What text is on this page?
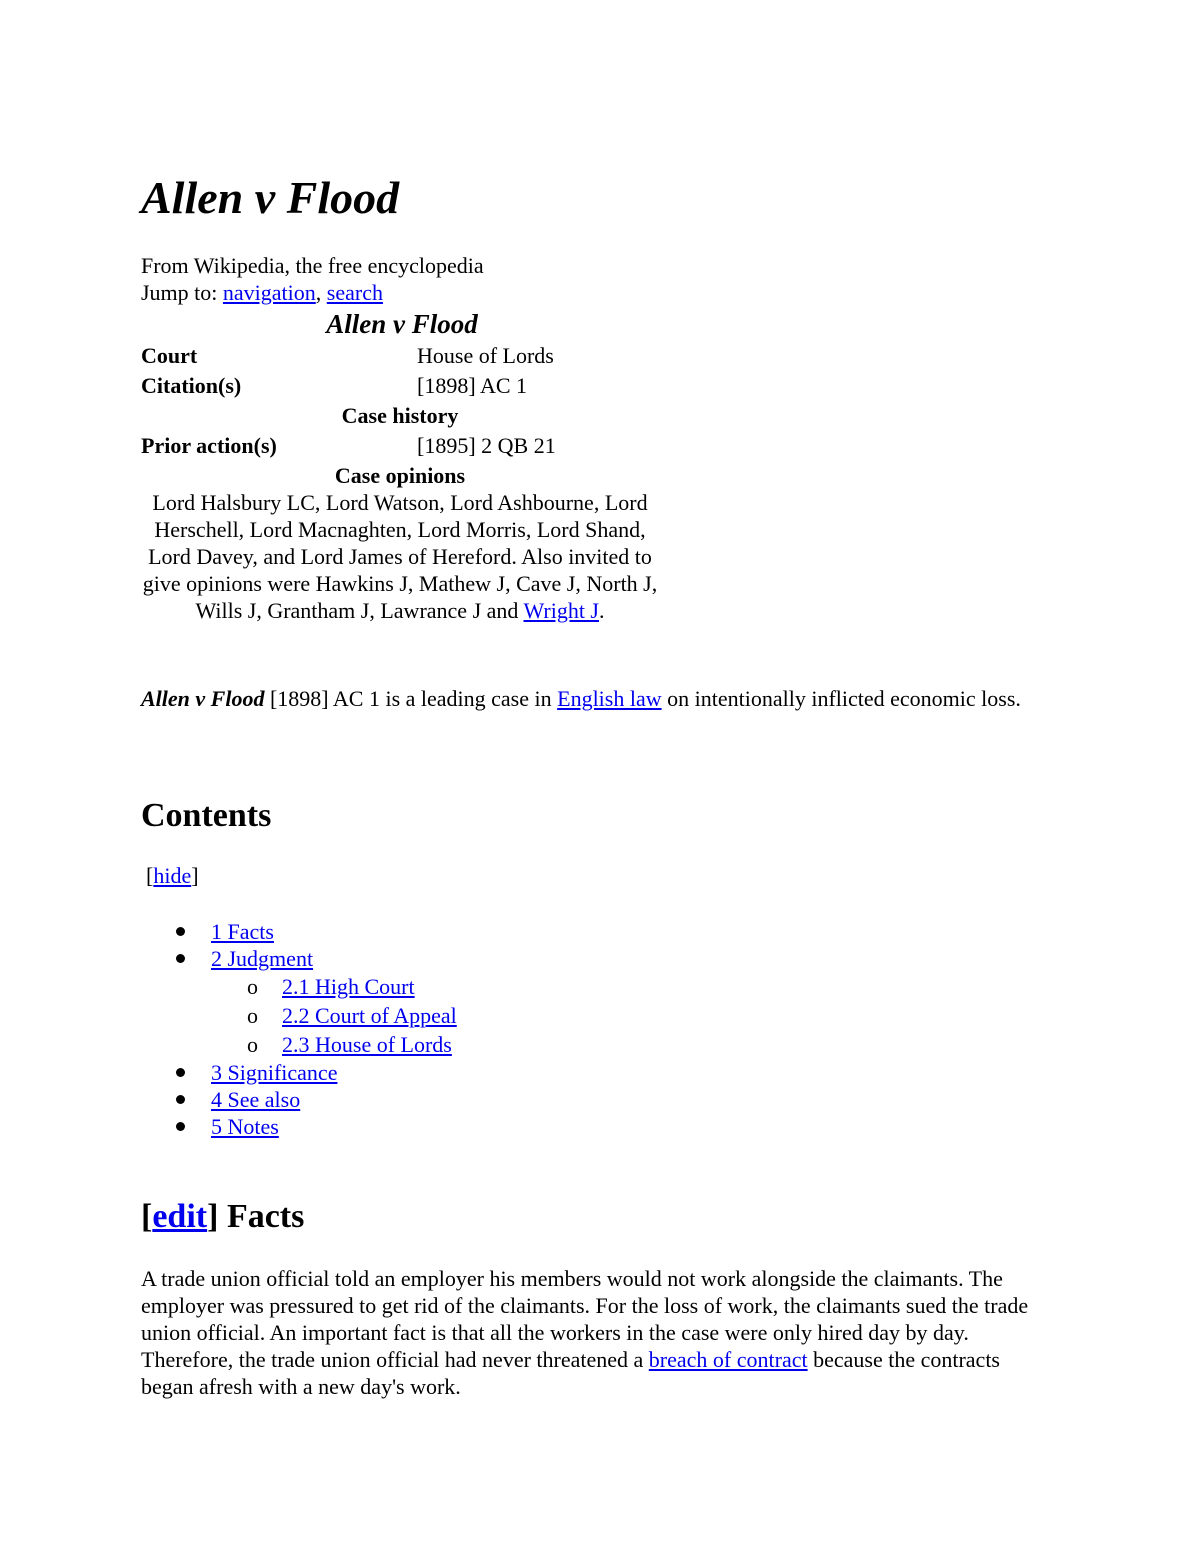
Allen v Flood
From Wikipedia, the free encyclopedia
Jump to: navigation, search
Allen v Flood
Court	House of Lords
Citation(s)	[1898] AC 1
Case history
Prior action(s)	[1895] 2 QB 21
Case opinions
Lord Halsbury LC, Lord Watson, Lord Ashbourne, Lord Herschell, Lord Macnaghten, Lord Morris, Lord Shand, Lord Davey, and Lord James of Hereford. Also invited to give opinions were Hawkins J, Mathew J, Cave J, North J, Wills J, Grantham J, Lawrance J and Wright J.

Allen v Flood [1898] AC 1 is a leading case in English law on intentionally inflicted economic loss.

Contents
[hide]
1 Facts
2 Judgment
o 2.1 High Court
o 2.2 Court of Appeal
o 2.3 House of Lords
3 Significance
4 See also
5 Notes
[edit] Facts

A trade union official told an employer his members would not work alongside the claimants. The employer was pressured to get rid of the claimants. For the loss of work, the claimants sued the trade union official. An important fact is that all the workers in the case were only hired day by day. Therefore, the trade union official had never threatened a breach of contract because the contracts began afresh with a new day's work.
